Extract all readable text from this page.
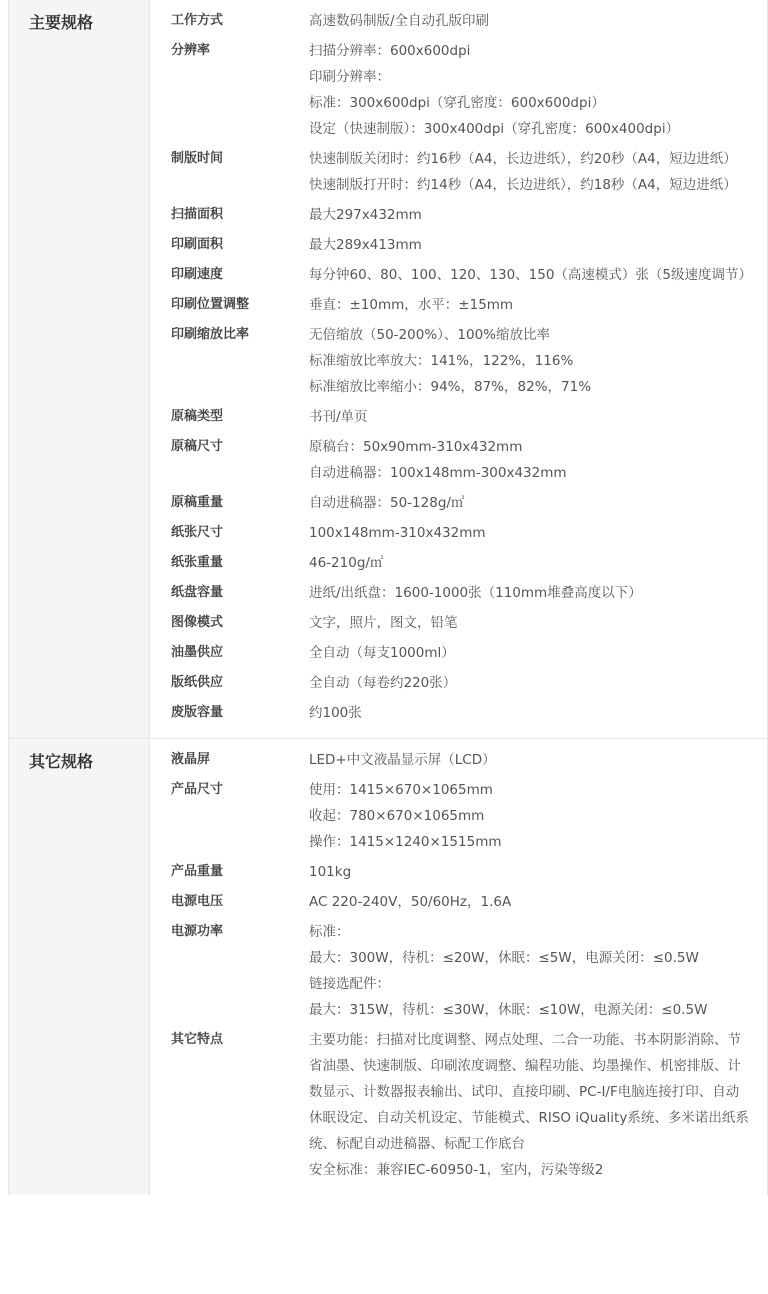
主要规格	工作方式	高速数码制版/全自动孔版印刷
分辨率	扫描分辨率：600x600dpi
印刷分辨率：
标准：300x600dpi（穿孔密度：600x600dpi）
设定（快速制版）：300x400dpi（穿孔密度：600x400dpi）
制版时间	快速制版关闭时：约16秒（A4，长边进纸），约20秒（A4，短边进纸）
快速制版打开时：约14秒（A4，长边进纸），约18秒（A4，短边进纸）
扫描面积	最大297x432mm
印刷面积	最大289x413mm
印刷速度	每分钟60、80、100、120、130、150（高速模式）张（5级速度调节）
印刷位置调整	垂直：±10mm，水平：±15mm
印刷缩放比率	无倍缩放（50-200%）、100%缩放比率
标准缩放比率放大：141%，122%，116%
标准缩放比率缩小：94%，87%，82%，71%
原稿类型	书刊/单页
原稿尺寸	原稿台：50x90mm-310x432mm
自动进稿器：100x148mm-300x432mm
原稿重量	自动进稿器：50-128g/㎡
纸张尺寸	100x148mm-310x432mm
纸张重量	46-210g/㎡
纸盘容量	进纸/出纸盘：1600-1000张（110mm堆叠高度以下）
图像模式	文字，照片，图文，铅笔
油墨供应	全自动（每支1000ml）
版纸供应	全自动（每卷约220张）
废版容量	约100张
其它规格	液晶屏	LED+中文液晶显示屏（LCD）
产品尺寸	使用：1415×670×1065mm
收起：780×670×1065mm
操作：1415×1240×1515mm
产品重量	101kg
电源电压	AC 220-240V，50/60Hz，1.6A
电源功率	标准：
最大：300W，待机：≤20W，休眠：≤5W，电源关闭：≤0.5W
链接选配件：
最大：315W，待机：≤30W，休眠：≤10W，电源关闭：≤0.5W
其它特点	主要功能：扫描对比度调整、网点处理、二合一功能、书本阴影消除、节省油墨、快速制版、印刷浓度调整、编程功能、均墨操作、机密排版、计数显示、计数器报表输出、试印、直接印刷、PC-I/F电脑连接打印、自动休眠设定、自动关机设定、节能模式、RISO iQuality系统、多米诺出纸系统、标配自动进稿器、标配工作底台
安全标准：兼容IEC-60950-1，室内，污染等级2
